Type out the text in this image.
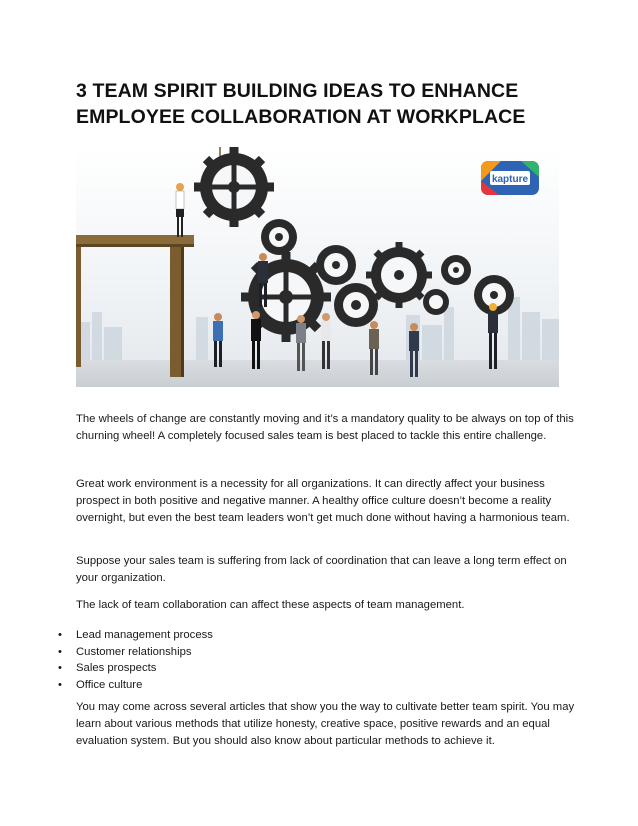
3 TEAM SPIRIT BUILDING IDEAS TO ENHANCE
EMPLOYEE COLLABORATION AT WORKPLACE
kapture

The wheels of change are constantly moving and it’s a mandatory quality to be always on top of this churning wheel! A completely focused sales team is best placed to tackle this entire challenge.

Great work environment is a necessity for all organizations. It can directly affect your business prospect in both positive and negative manner. A healthy office culture doesn’t become a reality overnight, but even the best team leaders won’t get much done without having a harmonious team.

Suppose your sales team is suffering from lack of coordination that can leave a long term effect on your organization.

The lack of team collaboration can affect these aspects of team management.

• Lead management process
• Customer relationships
• Sales prospects
• Office culture

You may come across several articles that show you the way to cultivate better team spirit. You may learn about various methods that utilize honesty, creative space, positive rewards and an equal evaluation system. But you should also know about particular methods to achieve it.
